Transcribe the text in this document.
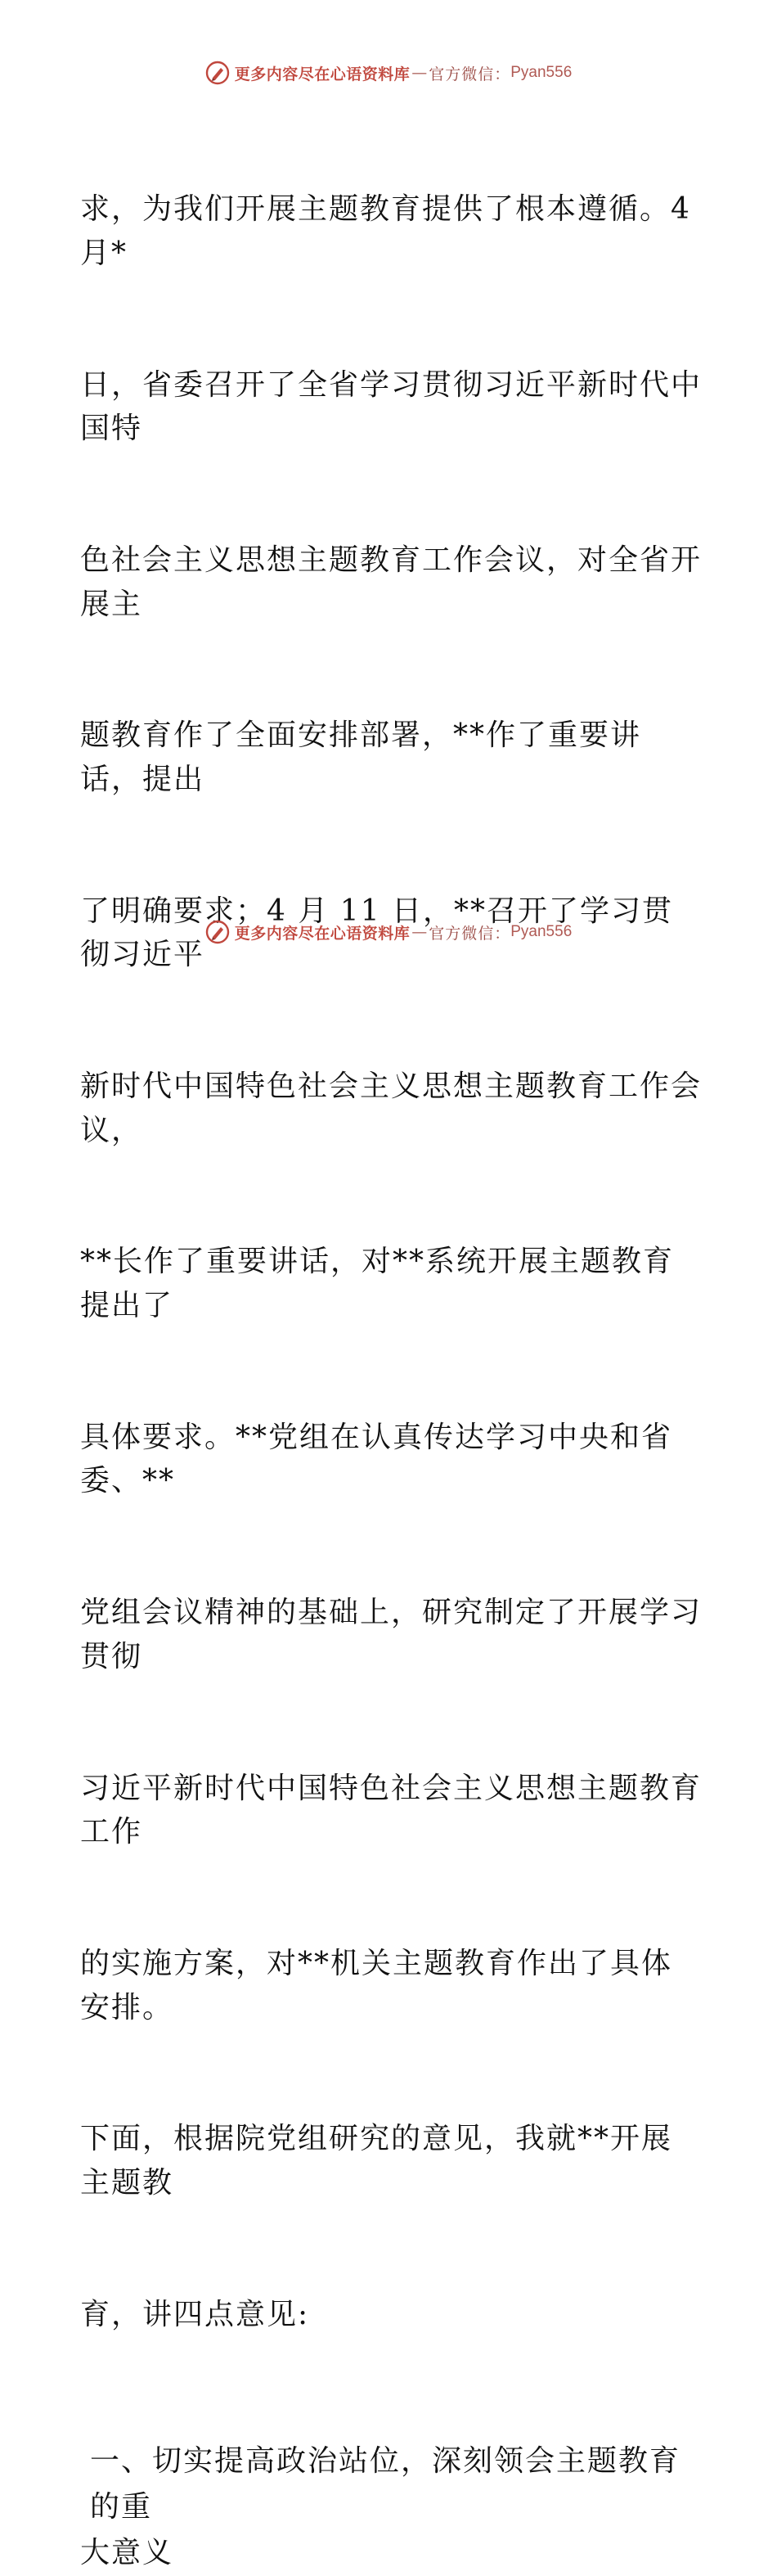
更多内容尽在心语资料库 — 官方微信： Pyan556

求，为我们开展主题教育提供了根本遵循。4月*

日，省委召开了全省学习贯彻习近平新时代中国特

色社会主义思想主题教育工作会议，对全省开展主

题教育作了全面安排部署，**作了重要讲话，提出

了明确要求；4 月 11 日，**召开了学习贯彻习近平

新时代中国特色社会主义思想主题教育工作会议，

**长作了重要讲话，对**系统开展主题教育提出了

具体要求。**党组在认真传达学习中央和省委、**

党组会议精神的基础上，研究制定了开展学习贯彻

习近平新时代中国特色社会主义思想主题教育工作

的实施方案，对**机关主题教育作出了具体安排。

下面，根据院党组研究的意见，我就**开展主题教

育，讲四点意见:

一、切实提高政治站位，深刻领会主题教育的重
大意义
更多内容尽在心语资料库 — 官方微信： Pyan556
